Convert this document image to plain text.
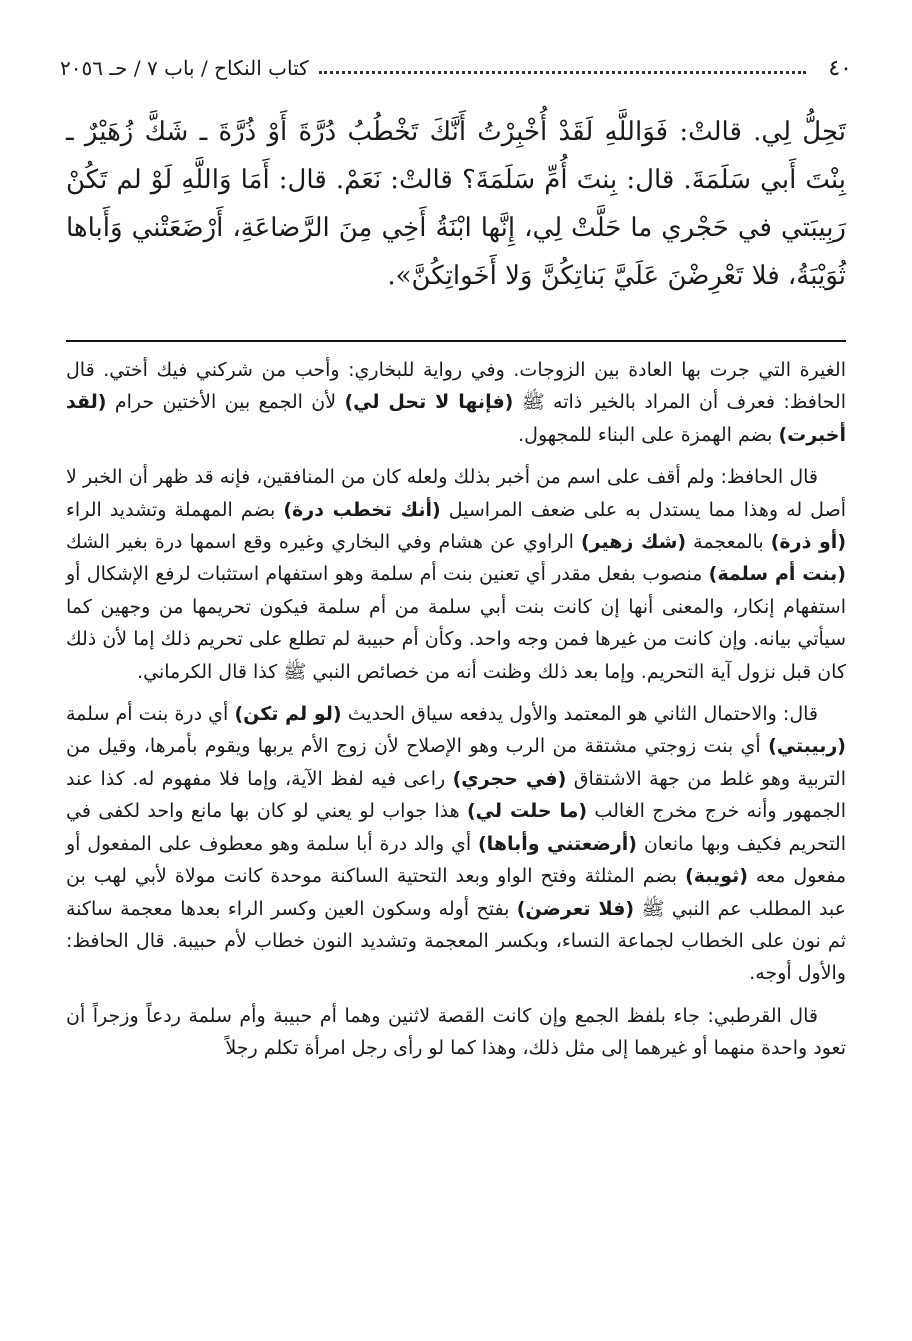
٤٠
كتاب النكاح / باب ٧ / حـ ٢٠٥٦
تَحِلُّ لِي. قالتْ: فَوَاللَّهِ لَقَدْ أُخْبِرْتُ أَنَّكَ تَخْطُبُ دُرَّةَ أَوْ ذُرَّةَ ـ شَكَّ زُهَيْرٌ ـ بِنْتَ أَبي سَلَمَةَ. قال: بِنتَ أُمِّ سَلَمَةَ؟ قالتْ: نَعَمْ. قال: أَمَا وَاللَّهِ لَوْ لم تَكُنْ رَبِيبَتي في حَجْري ما حَلَّتْ لِي، إِنَّها ابْنَةُ أَخِي مِنَ الرَّضاعَةِ، أَرْضَعَتْني وَأَباها ثُوَيْبَةُ، فلا تَعْرِضْنَ عَلَيَّ بَناتِكُنَّ وَلا أَخَواتِكُنَّ».

الغيرة التي جرت بها العادة بين الزوجات. وفي رواية للبخاري: وأحب من شركني فيك أختي. قال الحافظ: فعرف أن المراد بالخير ذاته ﷺ (فإنها لا تحل لي) لأن الجمع بين الأختين حرام (لقد أخبرت) بضم الهمزة على البناء للمجهول.

قال الحافظ: ولم أقف على اسم من أخبر بذلك ولعله كان من المنافقين، فإنه قد ظهر أن الخبر لا أصل له وهذا مما يستدل به على ضعف المراسيل (أنك تخطب درة) بضم المهملة وتشديد الراء (أو ذرة) بالمعجمة (شك زهير) الراوي عن هشام وفي البخاري وغيره وقع اسمها درة بغير الشك (بنت أم سلمة) منصوب بفعل مقدر أي تعنين بنت أم سلمة وهو استفهام استثبات لرفع الإشكال أو استفهام إنكار، والمعنى أنها إن كانت بنت أبي سلمة من أم سلمة فيكون تحريمها من وجهين كما سيأتي بيانه. وإن كانت من غيرها فمن وجه واحد. وكأن أم حبيبة لم تطلع على تحريم ذلك إما لأن ذلك كان قبل نزول آية التحريم. وإما بعد ذلك وظنت أنه من خصائص النبي ﷺ كذا قال الكرماني.

قال: والاحتمال الثاني هو المعتمد والأول يدفعه سياق الحديث (لو لم تكن) أي درة بنت أم سلمة (ربيبتي) أي بنت زوجتي مشتقة من الرب وهو الإصلاح لأن زوج الأم يربها ويقوم بأمرها، وقيل من التربية وهو غلط من جهة الاشتقاق (في حجري) راعى فيه لفظ الآية، وإما فلا مفهوم له. كذا عند الجمهور وأنه خرج مخرج الغالب (ما حلت لي) هذا جواب لو يعني لو كان بها مانع واحد لكفى في التحريم فكيف وبها مانعان (أرضعتني وأباها) أي والد درة أبا سلمة وهو معطوف على المفعول أو مفعول معه (ثويبة) بضم المثلثة وفتح الواو وبعد التحتية الساكنة موحدة كانت مولاة لأبي لهب بن عبد المطلب عم النبي ﷺ (فلا تعرضن) بفتح أوله وسكون العين وكسر الراء بعدها معجمة ساكنة ثم نون على الخطاب لجماعة النساء، وبكسر المعجمة وتشديد النون خطاب لأم حبيبة. قال الحافظ: والأول أوجه.

قال القرطبي: جاء بلفظ الجمع وإن كانت القصة لاثنين وهما أم حبيبة وأم سلمة ردعاً وزجراً أن تعود واحدة منهما أو غيرهما إلى مثل ذلك، وهذا كما لو رأى رجل امرأة تكلم رجلاً
